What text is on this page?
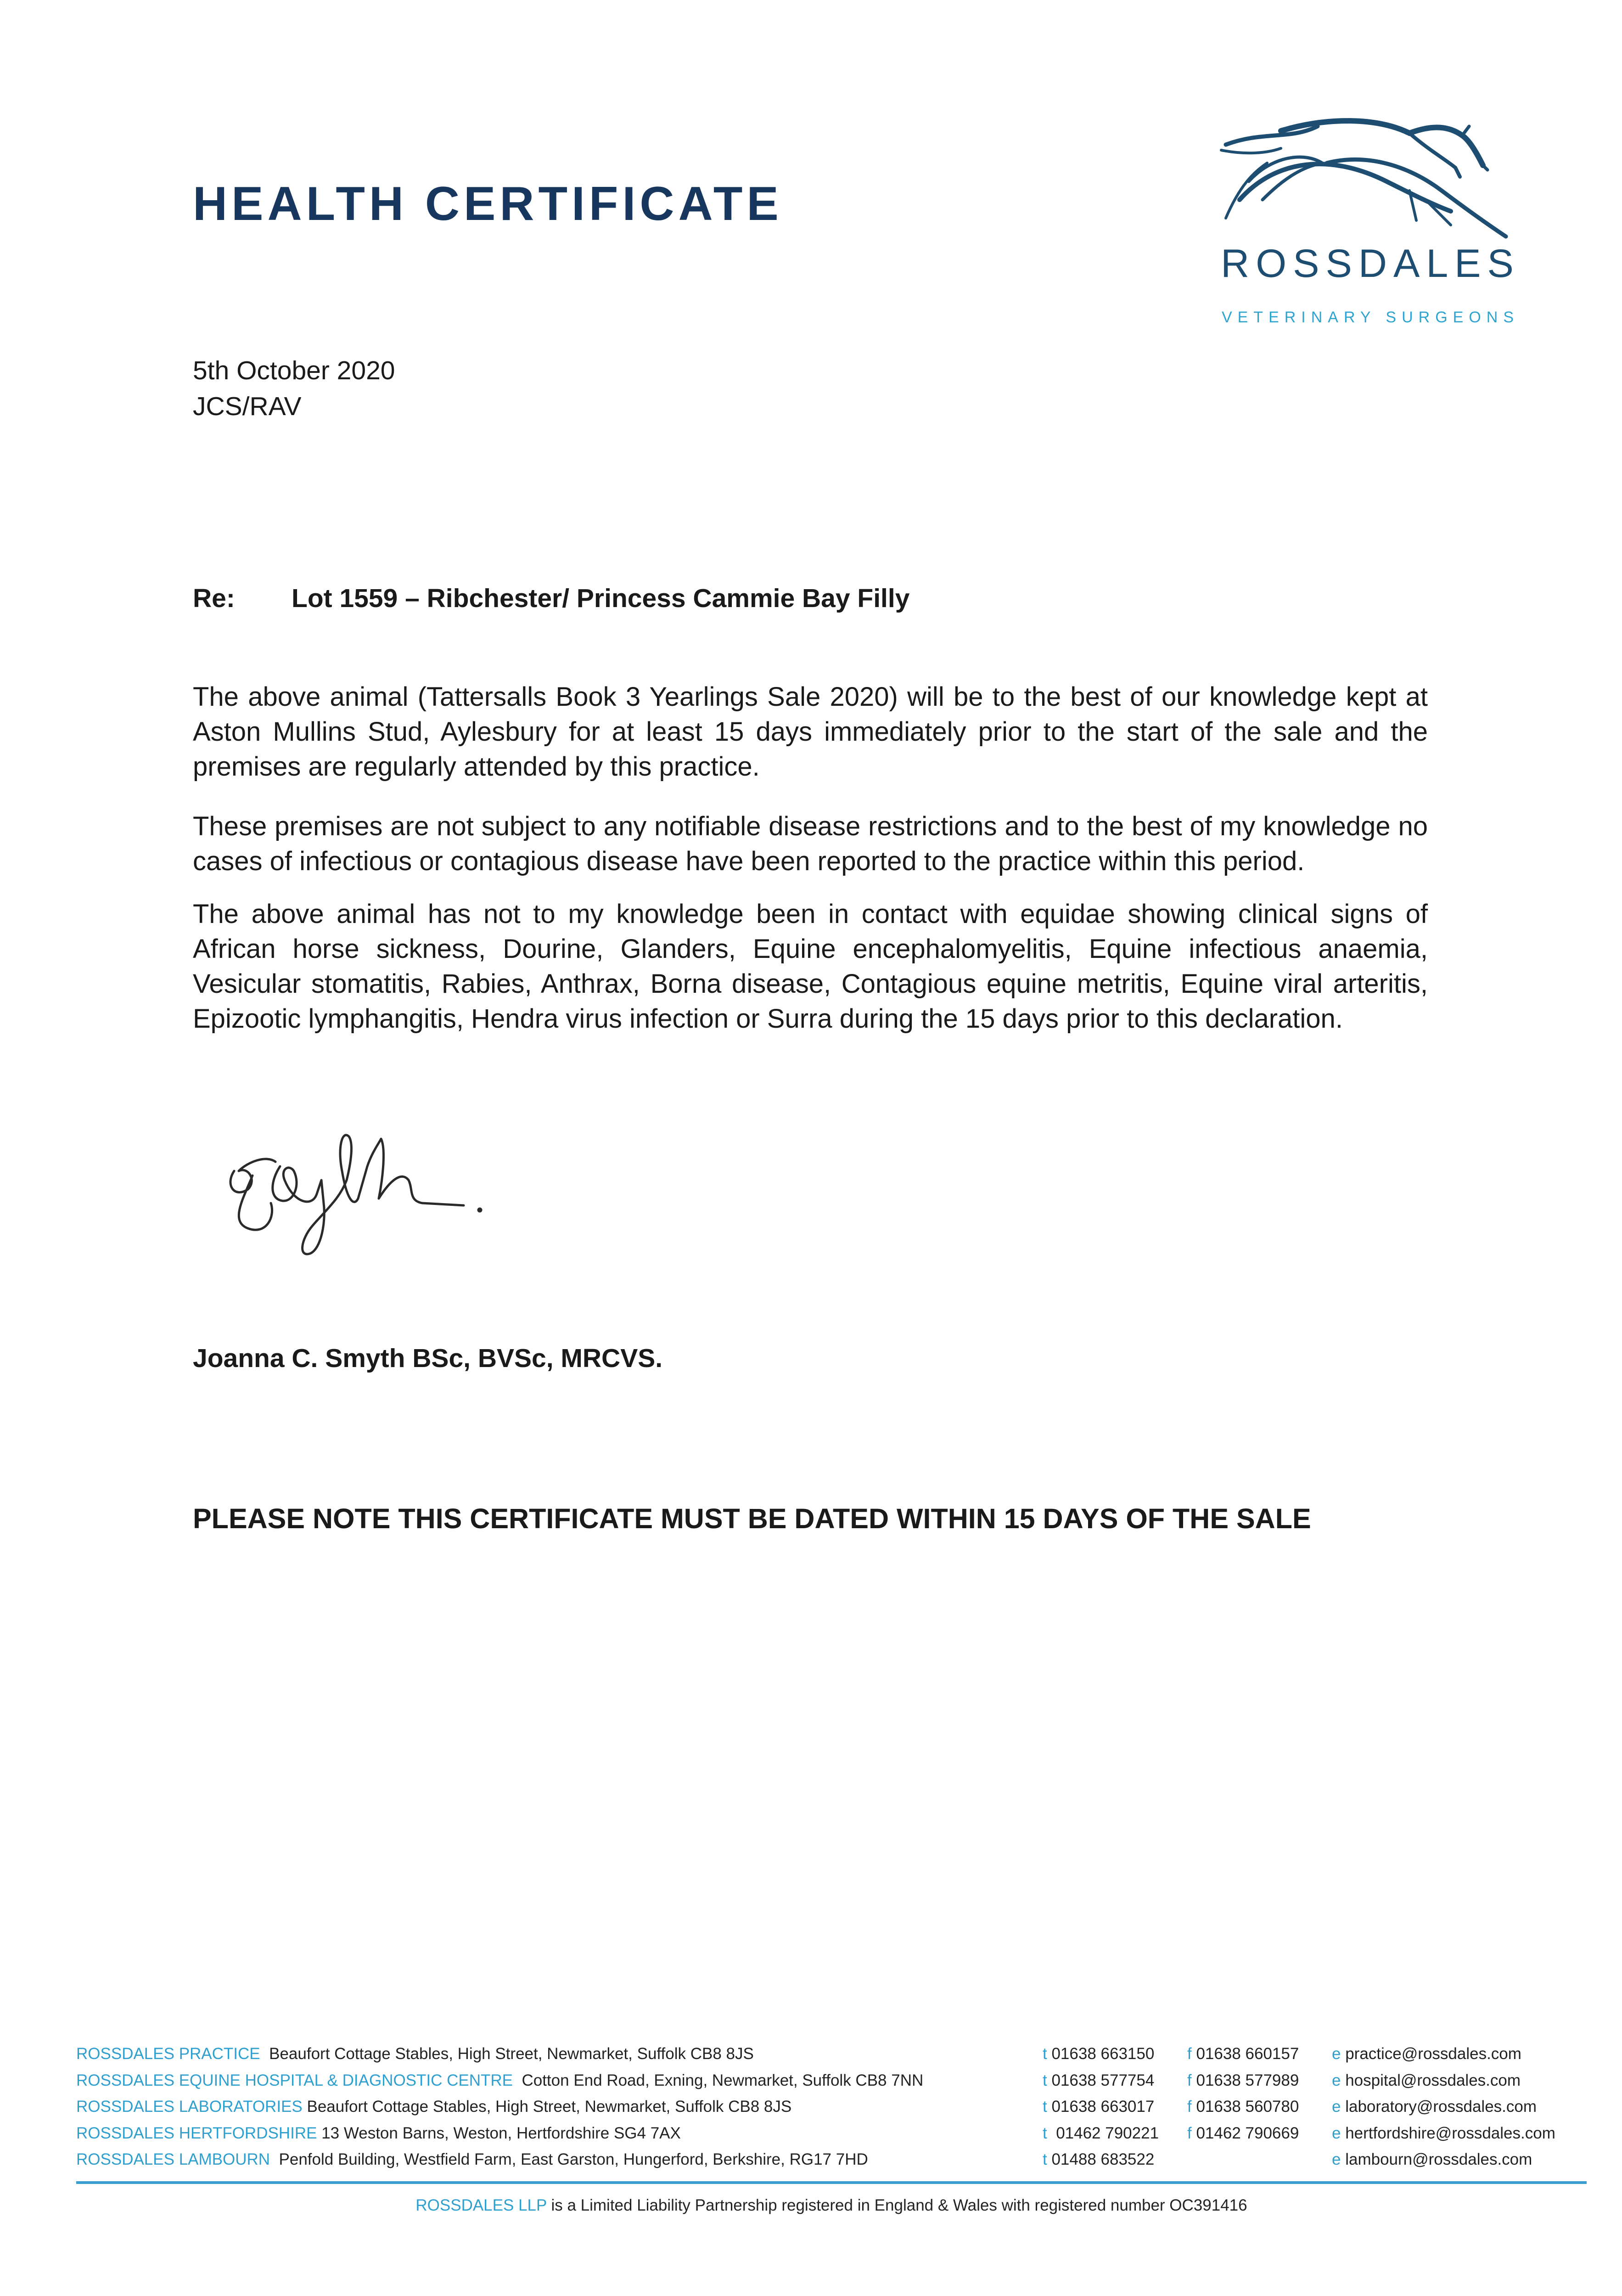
HEALTH CERTIFICATE
ROSSDALES
VETERINARY SURGEONS
5th October 2020
JCS/RAV
Re: Lot 1559 – Ribchester/ Princess Cammie Bay Filly
The above animal (Tattersalls Book 3 Yearlings Sale 2020) will be to the best of our knowledge kept at Aston Mullins Stud, Aylesbury for at least 15 days immediately prior to the start of the sale and the premises are regularly attended by this practice.
These premises are not subject to any notifiable disease restrictions and to the best of my knowledge no cases of infectious or contagious disease have been reported to the practice within this period.
The above animal has not to my knowledge been in contact with equidae showing clinical signs of African horse sickness, Dourine, Glanders, Equine encephalomyelitis, Equine infectious anaemia, Vesicular stomatitis, Rabies, Anthrax, Borna disease, Contagious equine metritis, Equine viral arteritis, Epizootic lymphangitis, Hendra virus infection or Surra during the 15 days prior to this declaration.
Joanna C. Smyth BSc, BVSc, MRCVS.
PLEASE NOTE THIS CERTIFICATE MUST BE DATED WITHIN 15 DAYS OF THE SALE
ROSSDALES PRACTICE Beaufort Cottage Stables, High Street, Newmarket, Suffolk CB8 8JS	t 01638 663150 f 01638 660157 e practice@rossdales.com
ROSSDALES EQUINE HOSPITAL & DIAGNOSTIC CENTRE Cotton End Road, Exning, Newmarket, Suffolk CB8 7NN	t 01638 577754 f 01638 577989 e hospital@rossdales.com
ROSSDALES LABORATORIES Beaufort Cottage Stables, High Street, Newmarket, Suffolk CB8 8JS	t 01638 663017 f 01638 560780 e laboratory@rossdales.com
ROSSDALES HERTFORDSHIRE 13 Weston Barns, Weston, Hertfordshire SG4 7AX	t 01462 790221 f 01462 790669 e hertfordshire@rossdales.com
ROSSDALES LAMBOURN Penfold Building, Westfield Farm, East Garston, Hungerford, Berkshire, RG17 7HD	t 01488 683522	e lambourn@rossdales.com
ROSSDALES LLP is a Limited Liability Partnership registered in England & Wales with registered number OC391416
